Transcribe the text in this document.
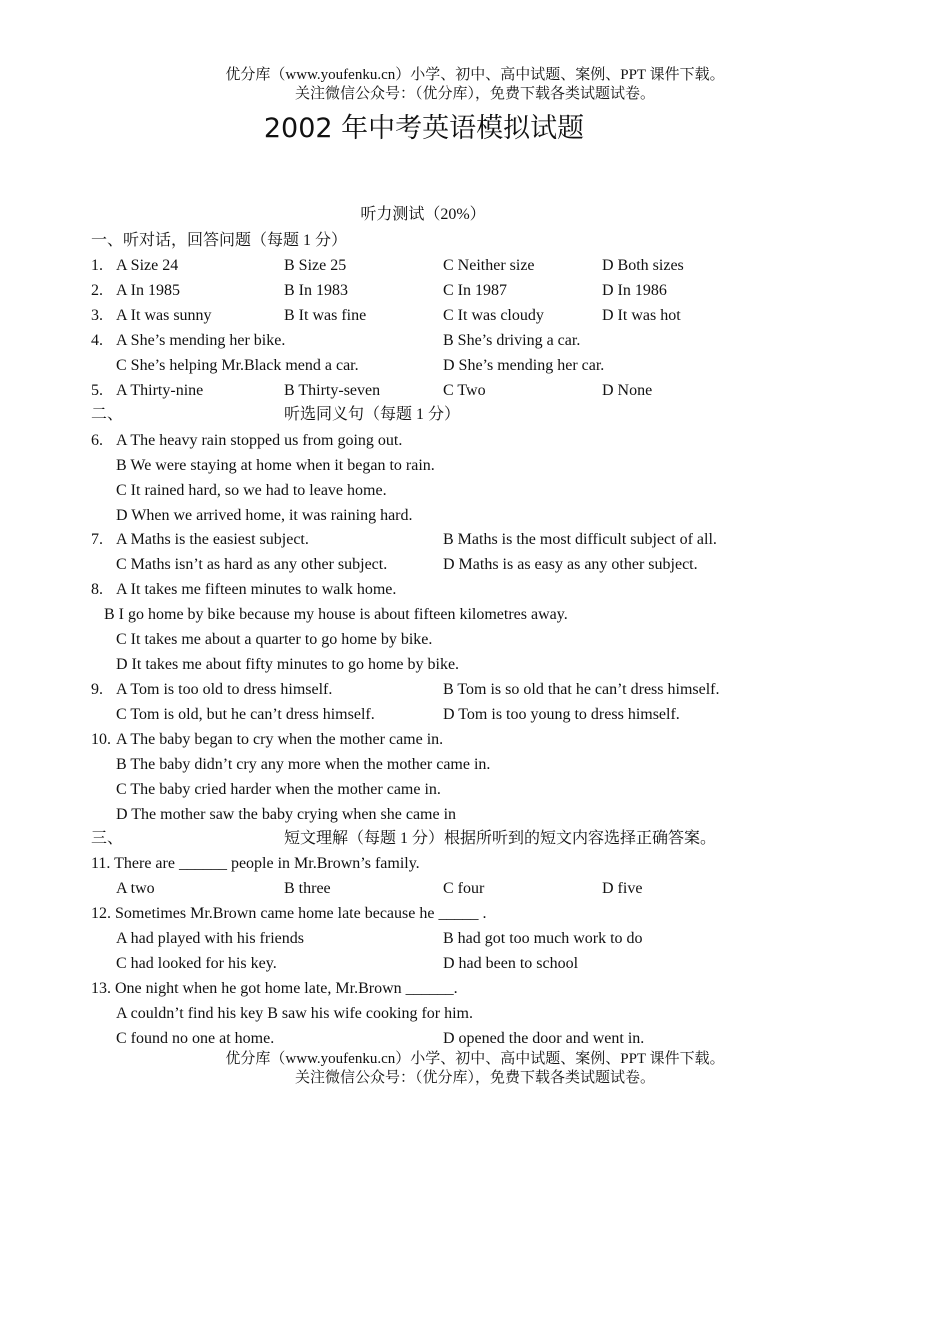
优分库（www.youfenku.cn）小学、初中、高中试题、案例、PPT 课件下载。
关注微信公众号：（优分库），免费下载各类试题试卷。
2002 年中考英语模拟试题
听力测试（20%）
一、听对话，回答问题（每题 1 分）
1. A Size 24	B Size 25	C Neither size	D Both sizes
2. A In 1985	B In 1983	C In 1987	D In 1986
3. A It was sunny	B It was fine	C It was cloudy	D It was hot
4. A She’s mending her bike.	B She’s driving a car.
C She’s helping Mr.Black mend a car.	D She’s mending her car.
5. A Thirty-nine	B Thirty-seven	C Two	D None
二、	听选同义句（每题 1 分）
6. A The heavy rain stopped us from going out.
B We were staying at home when it began to rain.
C It rained hard, so we had to leave home.
D When we arrived home, it was raining hard.
7. A Maths is the easiest subject.	B Maths is the most difficult subject of all.
C Maths isn’t as hard as any other subject.	D Maths is as easy as any other subject.
8. A It takes me fifteen minutes to walk home.
B I go home by bike because my house is about fifteen kilometres away.
C It takes me about a quarter to go home by bike.
D It takes me about fifty minutes to go home by bike.
9. A Tom is too old to dress himself.	B Tom is so old that he can’t dress himself.
C Tom is old, but he can’t dress himself.	D Tom is too young to dress himself.
10. A The baby began to cry when the mother came in.
B The baby didn’t cry any more when the mother came in.
C The baby cried harder when the mother came in.
D The mother saw the baby crying when she came in
三、	短文理解（每题 1 分）根据所听到的短文内容选择正确答案。
11. There are ______ people in Mr.Brown’s family.
A two	B three	C four	D five
12. Sometimes Mr.Brown came home late because he _____ .
A had played with his friends	B had got too much work to do
C had looked for his key.	D had been to school
13. One night when he got home late, Mr.Brown ______.
A couldn’t find his key B saw his wife cooking for him.
C found no one at home.	D opened the door and went in.
优分库（www.youfenku.cn）小学、初中、高中试题、案例、PPT 课件下载。
关注微信公众号：（优分库），免费下载各类试题试卷。
